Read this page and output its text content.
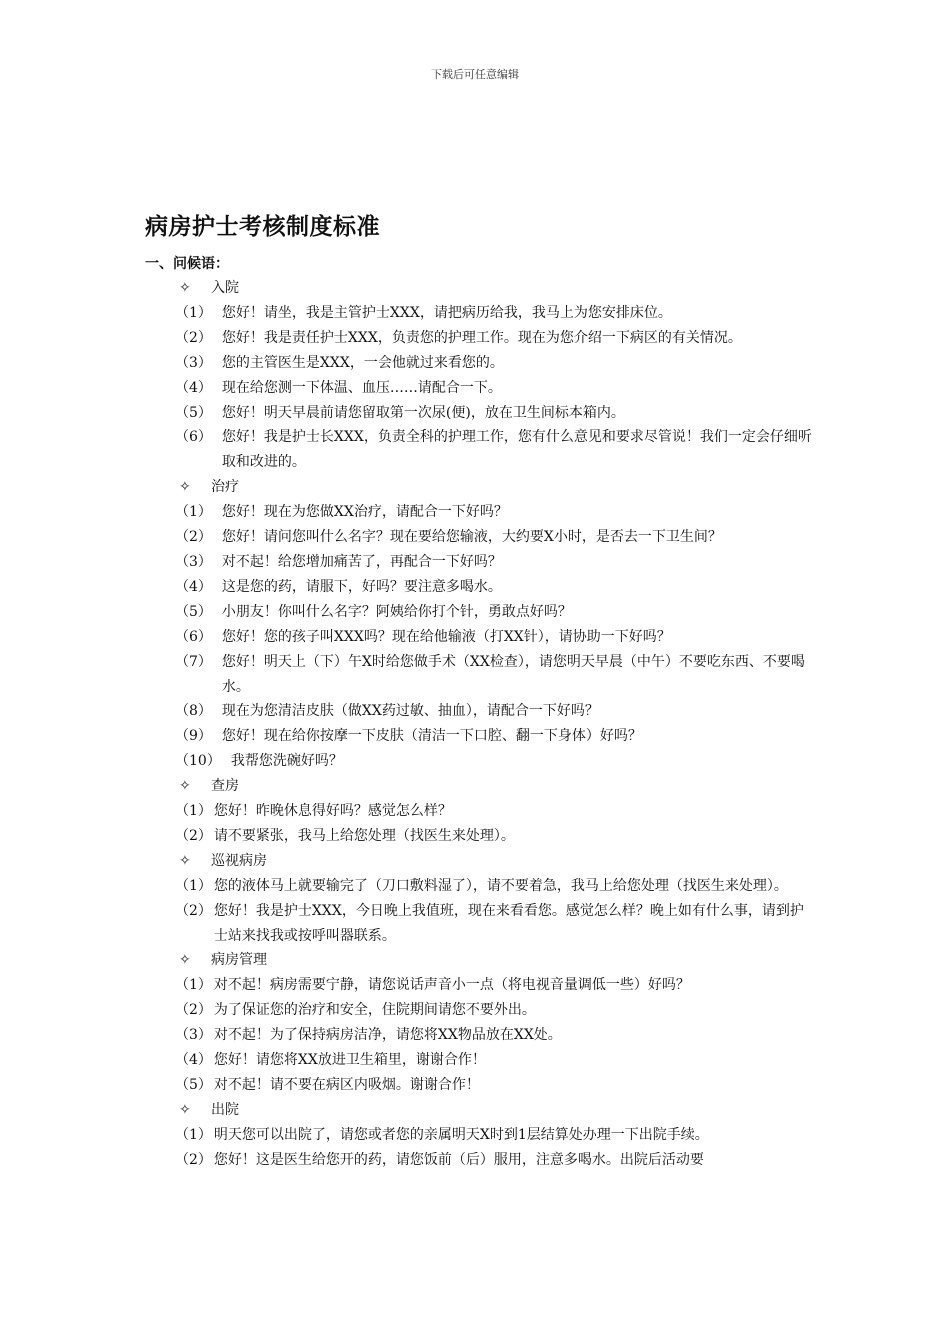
下载后可任意编辑
病房护士考核制度标准
一、问候语：
✧ 入院
（1） 您好！请坐，我是主管护士XXX，请把病历给我，我马上为您安排床位。
（2） 您好！我是责任护士XXX，负责您的护理工作。现在为您介绍一下病区的有关情况。
（3） 您的主管医生是XXX，一会他就过来看您的。
（4） 现在给您测一下体温、血压……请配合一下。
（5） 您好！明天早晨前请您留取第一次尿(便)，放在卫生间标本箱内。
（6） 您好！我是护士长XXX，负责全科的护理工作，您有什么意见和要求尽管说！我们一定会仔细听取和改进的。
✧ 治疗
（1） 您好！现在为您做XX治疗，请配合一下好吗？
（2） 您好！请问您叫什么名字？现在要给您输液，大约要X小时，是否去一下卫生间？
（3） 对不起！给您增加痛苦了，再配合一下好吗？
（4） 这是您的药，请服下，好吗？要注意多喝水。
（5） 小朋友！你叫什么名字？阿姨给你打个针，勇敢点好吗？
（6） 您好！您的孩子叫XXX吗？现在给他输液（打XX针），请协助一下好吗？
（7） 您好！明天上（下）午X时给您做手术（XX检查），请您明天早晨（中午）不要吃东西、不要喝水。
（8） 现在为您清洁皮肤（做XX药过敏、抽血），请配合一下好吗？
（9） 您好！现在给你按摩一下皮肤（清洁一下口腔、翻一下身体）好吗？
（10） 我帮您洗碗好吗？
✧ 查房
（1） 您好！昨晚休息得好吗？感觉怎么样？
（2） 请不要紧张，我马上给您处理（找医生来处理）。
✧ 巡视病房
（1） 您的液体马上就要输完了（刀口敷料湿了），请不要着急，我马上给您处理（找医生来处理）。
（2） 您好！我是护士XXX，今日晚上我值班，现在来看看您。感觉怎么样？晚上如有什么事，请到护士站来找我或按呼叫器联系。
✧ 病房管理
（1） 对不起！病房需要宁静，请您说话声音小一点（将电视音量调低一些）好吗？
（2） 为了保证您的治疗和安全，住院期间请您不要外出。
（3） 对不起！为了保持病房洁净，请您将XX物品放在XX处。
（4） 您好！请您将XX放进卫生箱里，谢谢合作！
（5） 对不起！请不要在病区内吸烟。谢谢合作！
✧ 出院
（1） 明天您可以出院了，请您或者您的亲属明天X时到1层结算处办理一下出院手续。
（2） 您好！这是医生给您开的药，请您饭前（后）服用，注意多喝水。出院后活动要
